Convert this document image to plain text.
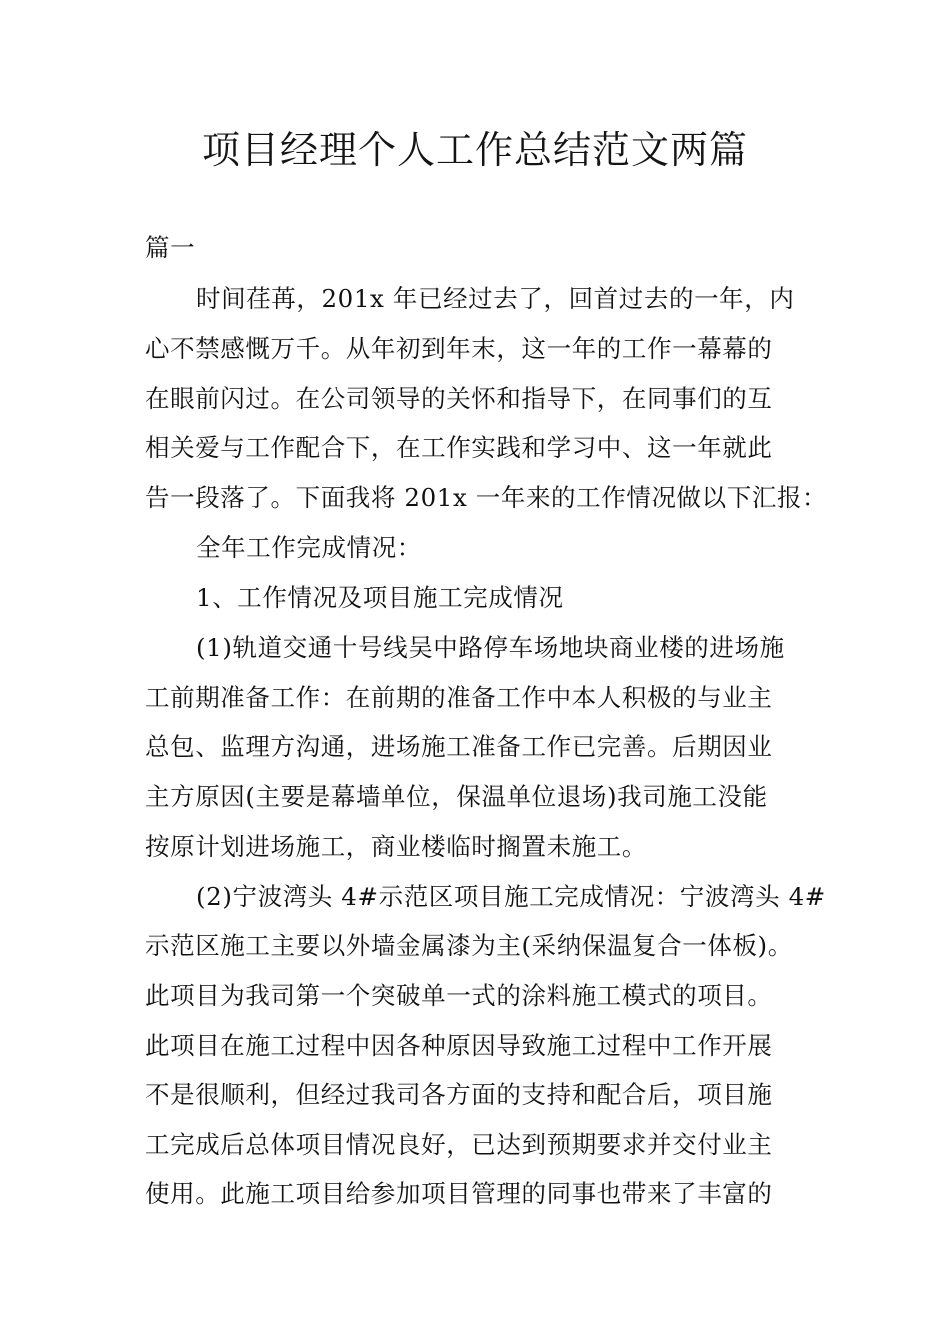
项目经理个人工作总结范文两篇
篇一
时间荏苒，201x 年已经过去了，回首过去的一年，内
心不禁感慨万千。从年初到年末，这一年的工作一幕幕的
在眼前闪过。在公司领导的关怀和指导下，在同事们的互
相关爱与工作配合下，在工作实践和学习中、这一年就此
告一段落了。下面我将 201x 一年来的工作情况做以下汇报：
全年工作完成情况：
1、工作情况及项目施工完成情况
(1)轨道交通十号线吴中路停车场地块商业楼的进场施
工前期准备工作：在前期的准备工作中本人积极的与业主
总包、监理方沟通，进场施工准备工作已完善。后期因业
主方原因(主要是幕墙单位，保温单位退场)我司施工没能
按原计划进场施工，商业楼临时搁置未施工。
(2)宁波湾头 4#示范区项目施工完成情况：宁波湾头 4#
示范区施工主要以外墙金属漆为主(采纳保温复合一体板)。
此项目为我司第一个突破单一式的涂料施工模式的项目。
此项目在施工过程中因各种原因导致施工过程中工作开展
不是很顺利，但经过我司各方面的支持和配合后，项目施
工完成后总体项目情况良好，已达到预期要求并交付业主
使用。此施工项目给参加项目管理的同事也带来了丰富的
